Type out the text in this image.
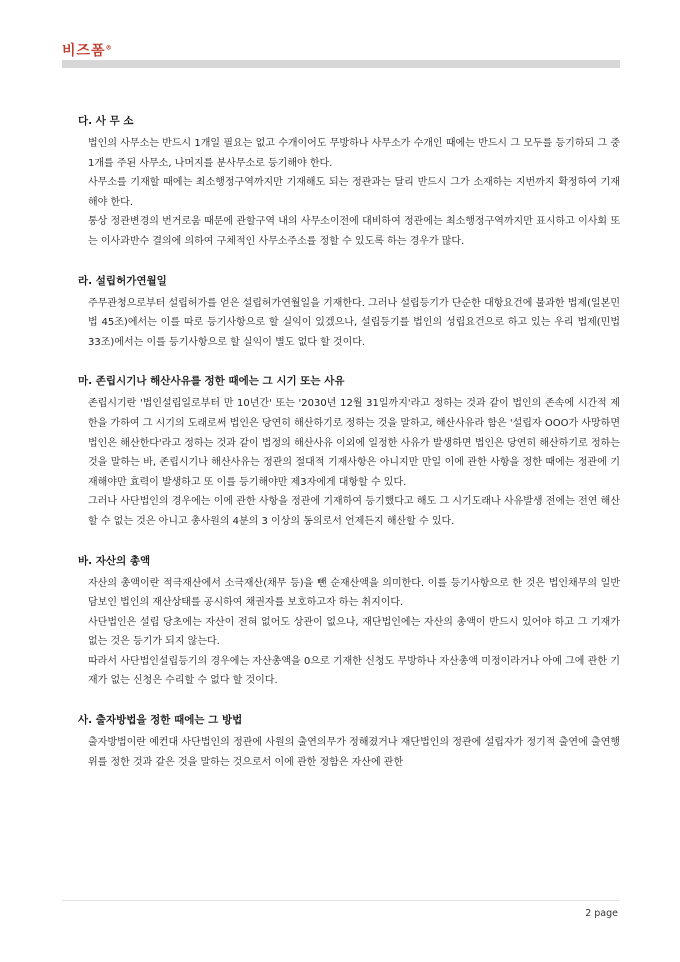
비즈폼®
다. 사 무 소

법인의 사무소는 반드시 1개일 필요는 없고 수개이어도 무방하나 사무소가 수개인 때에는 반드시 그 모두를 등기하되 그 중 1개를 주된 사무소, 나머지를 분사무소로 등기해야 한다.

사무소를 기재할 때에는 최소행정구역까지만 기재해도 되는 정관과는 달리 반드시 그가 소재하는 지번까지 확정하여 기재해야 한다.

통상 정관변경의 번거로움 때문에 관할구역 내의 사무소이전에 대비하여 정관에는 최소행정구역까지만 표시하고 이사회 또는 이사과반수 결의에 의하여 구체적인 사무소주소를 정할 수 있도록 하는 경우가 많다.

라. 설립허가연월일

주무관청으로부터 설립허가를 얻은 설립허가연월일을 기재한다. 그러나 설립등기가 단순한 대항요건에 불과한 법제(일본민법 45조)에서는 이를 따로 등기사항으로 할 실익이 있겠으나, 설립등기를 법인의 성립요건으로 하고 있는 우리 법제(민법 33조)에서는 이를 등기사항으로 할 실익이 별도 없다 할 것이다.

마. 존립시기나 해산사유를 정한 때에는 그 시기 또는 사유

존립시기란 '법인설립일로부터 만 10년간' 또는 '2030년 12월 31일까지'라고 정하는 것과 같이 법인의 존속에 시간적 제한을 가하여 그 시기의 도래로써 법인은 당연히 해산하기로 정하는 것을 말하고, 해산사유라 함은 '설립자 OOO가 사망하면 법인은 해산한다'라고 정하는 것과 같이 법정의 해산사유 이외에 일정한 사유가 발생하면 법인은 당연히 해산하기로 정하는 것을 말하는 바, 존립시기나 해산사유는 정관의 절대적 기재사항은 아니지만 만일 이에 관한 사항을 정한 때에는 정관에 기재해야만 효력이 발생하고 또 이를 등기해야만 제3자에게 대항할 수 있다.

그러나 사단법인의 경우에는 이에 관한 사항을 정관에 기재하여 등기했다고 해도 그 시기도래나 사유발생 전에는 전연 해산할 수 없는 것은 아니고 총사원의 4분의 3 이상의 동의로서 언제든지 해산할 수 있다.

바. 자산의 총액

자산의 총액이란 적극재산에서 소극재산(채무 등)을 뺀 순재산액을 의미한다. 이를 등기사항으로 한 것은 법인채무의 일반담보인 법인의 재산상태를 공시하여 채권자를 보호하고자 하는 취지이다.

사단법인은 설립 당초에는 자산이 전혀 없어도 상관이 없으나, 재단법인에는 자산의 총액이 반드시 있어야 하고 그 기재가 없는 것은 등기가 되지 않는다.

따라서 사단법인설립등기의 경우에는 자산총액을 0으로 기재한 신청도 무방하나 자산총액 미정이라거나 아예 그에 관한 기재가 없는 신청은 수리할 수 없다 할 것이다.

사. 출자방법을 정한 때에는 그 방법

출자방법이란 예컨대 사단법인의 정관에 사원의 출연의무가 정해졌거나 재단법인의 정관에 설립자가 정기적 출연에 출연행위를 정한 것과 같은 것을 말하는 것으로서 이에 관한 정함은 자산에 관한

2 page
